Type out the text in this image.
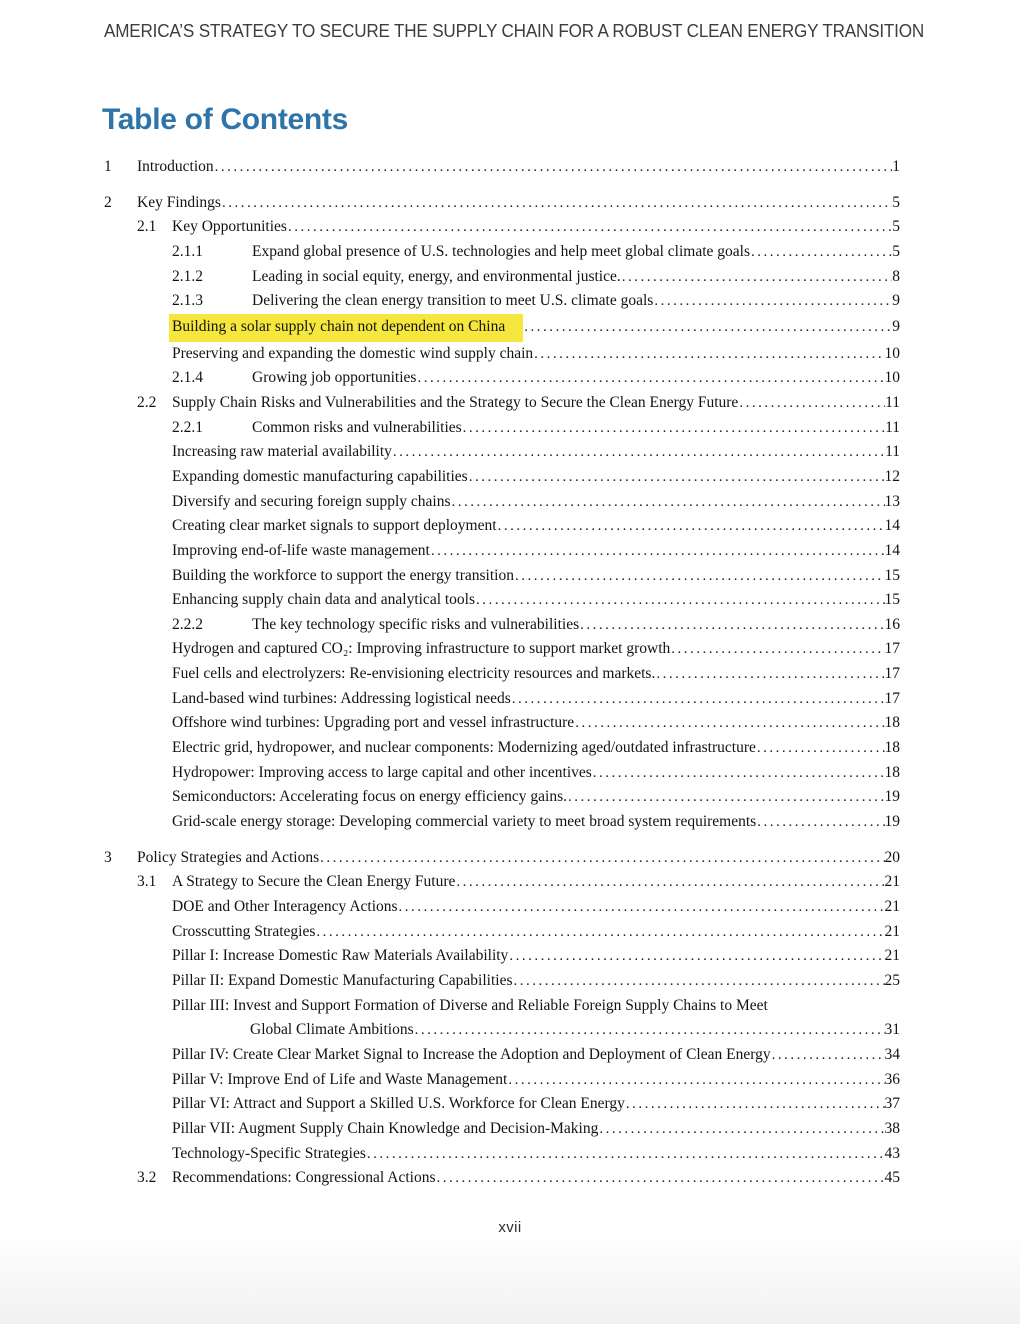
AMERICA’S STRATEGY TO SECURE THE SUPPLY CHAIN FOR A ROBUST CLEAN ENERGY TRANSITION
Table of Contents
1	Introduction .....	1
2	Key Findings .....	5
2.1	Key Opportunities .....	5
2.1.1	Expand global presence of U.S. technologies and help meet global climate goals .....	5
2.1.2	Leading in social equity, energy, and environmental justice. .....	8
2.1.3	Delivering the clean energy transition to meet U.S. climate goals .....	9
Building a solar supply chain not dependent on China .....	9
Preserving and expanding the domestic wind supply chain .....	10
2.1.4	Growing job opportunities .....	10
2.2	Supply Chain Risks and Vulnerabilities and the Strategy to Secure the Clean Energy Future .....	11
2.2.1	Common risks and vulnerabilities .....	11
Increasing raw material availability .....	11
Expanding domestic manufacturing capabilities .....	12
Diversify and securing foreign supply chains .....	13
Creating clear market signals to support deployment .....	14
Improving end-of-life waste management .....	14
Building the workforce to support the energy transition .....	15
Enhancing supply chain data and analytical tools .....	15
2.2.2	The key technology specific risks and vulnerabilities .....	16
Hydrogen and captured CO₂: Improving infrastructure to support market growth .....	17
Fuel cells and electrolyzers: Re-envisioning electricity resources and markets. .....	17
Land-based wind turbines: Addressing logistical needs .....	17
Offshore wind turbines: Upgrading port and vessel infrastructure .....	18
Electric grid, hydropower, and nuclear components: Modernizing aged/outdated infrastructure .....	18
Hydropower: Improving access to large capital and other incentives .....	18
Semiconductors: Accelerating focus on energy efficiency gains. .....	19
Grid-scale energy storage: Developing commercial variety to meet broad system requirements .....	19
3	Policy Strategies and Actions .....	20
3.1	A Strategy to Secure the Clean Energy Future .....	21
DOE and Other Interagency Actions .....	21
Crosscutting Strategies .....	21
Pillar I: Increase Domestic Raw Materials Availability .....	21
Pillar II: Expand Domestic Manufacturing Capabilities .....	25
Pillar III: Invest and Support Formation of Diverse and Reliable Foreign Supply Chains to Meet
Global Climate Ambitions .....	31
Pillar IV: Create Clear Market Signal to Increase the Adoption and Deployment of Clean Energy .....	34
Pillar V: Improve End of Life and Waste Management .....	36
Pillar VI: Attract and Support a Skilled U.S. Workforce for Clean Energy .....	37
Pillar VII: Augment Supply Chain Knowledge and Decision-Making .....	38
Technology-Specific Strategies .....	43
3.2	Recommendations: Congressional Actions .....	45
xvii
